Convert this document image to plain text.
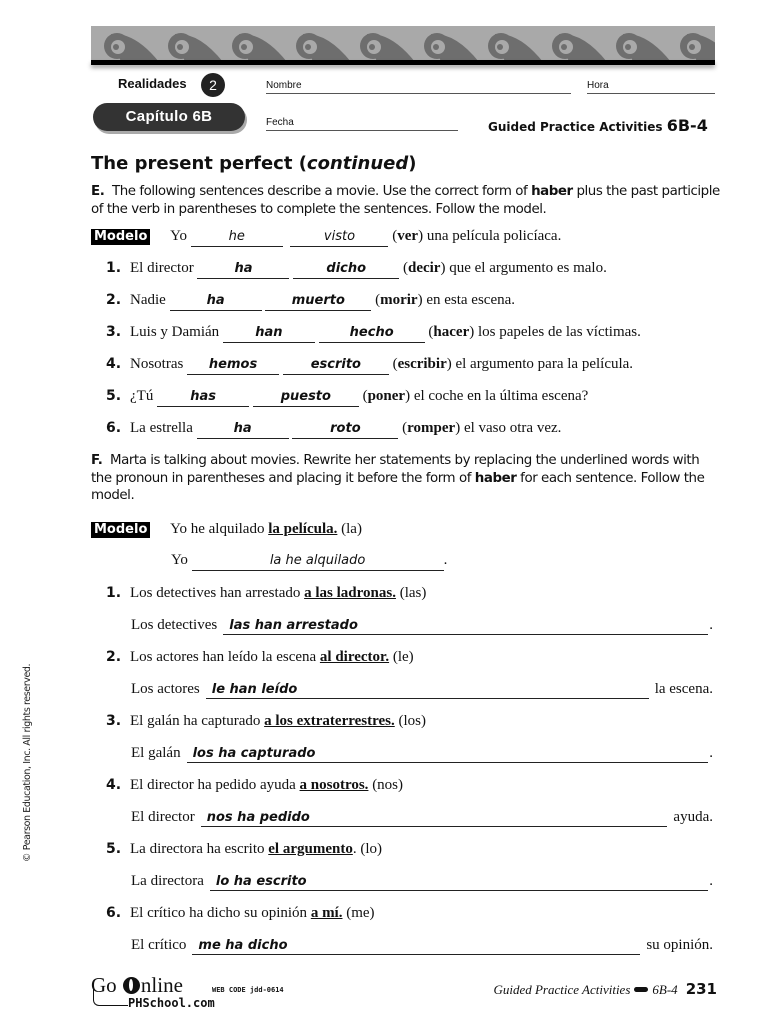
Realidades	2
Capítulo 6B
Nombre	Hora
Fecha	Guided Practice Activities 6B-4
The present perfect (continued)
E. The following sentences describe a movie. Use the correct form of haber plus the past participle of the verb in parentheses to complete the sentences. Follow the model.
Modelo Yo	he	visto (ver) una película policíaca.
1. El director	ha	dicho (decir) que el argumento es malo.
2. Nadie	ha	muerto (morir) en esta escena.
3. Luis y Damián	han	hecho (hacer) los papeles de las víctimas.
4. Nosotras hemos	escrito (escribir) el argumento para la película.
5. ¿Tú	has	puesto (poner) el coche en la última escena?
6. La estrella	ha	roto	(romper) el vaso otra vez.
F. Marta is talking about movies. Rewrite her statements by replacing the underlined words with the pronoun in parentheses and placing it before the form of haber for each sentence. Follow the model.
Modelo Yo he alquilado la película. (la)
Yo	la he alquilado	.
1. Los detectives han arrestado a las ladronas. (las)
Los detectives las han arrestado	.
2. Los actores han leído la escena al director. (le)
Los actores le han leído	la escena.
3. El galán ha capturado a los extraterrestres. (los)
El galán los ha capturado	.
4. El director ha pedido ayuda a nosotros. (nos)
El director nos ha pedido	ayuda.
5. La directora ha escrito el argumento. (lo)
La directora lo ha escrito	.
6. El crítico ha dicho su opinión a mí. (me)
El crítico me ha dicho	su opinión.
© Pearson Education, Inc. All rights reserved.
Go nline	WEB CODE jdd-0614
PHSchool.com
Guided Practice Activities 6B-4 231
